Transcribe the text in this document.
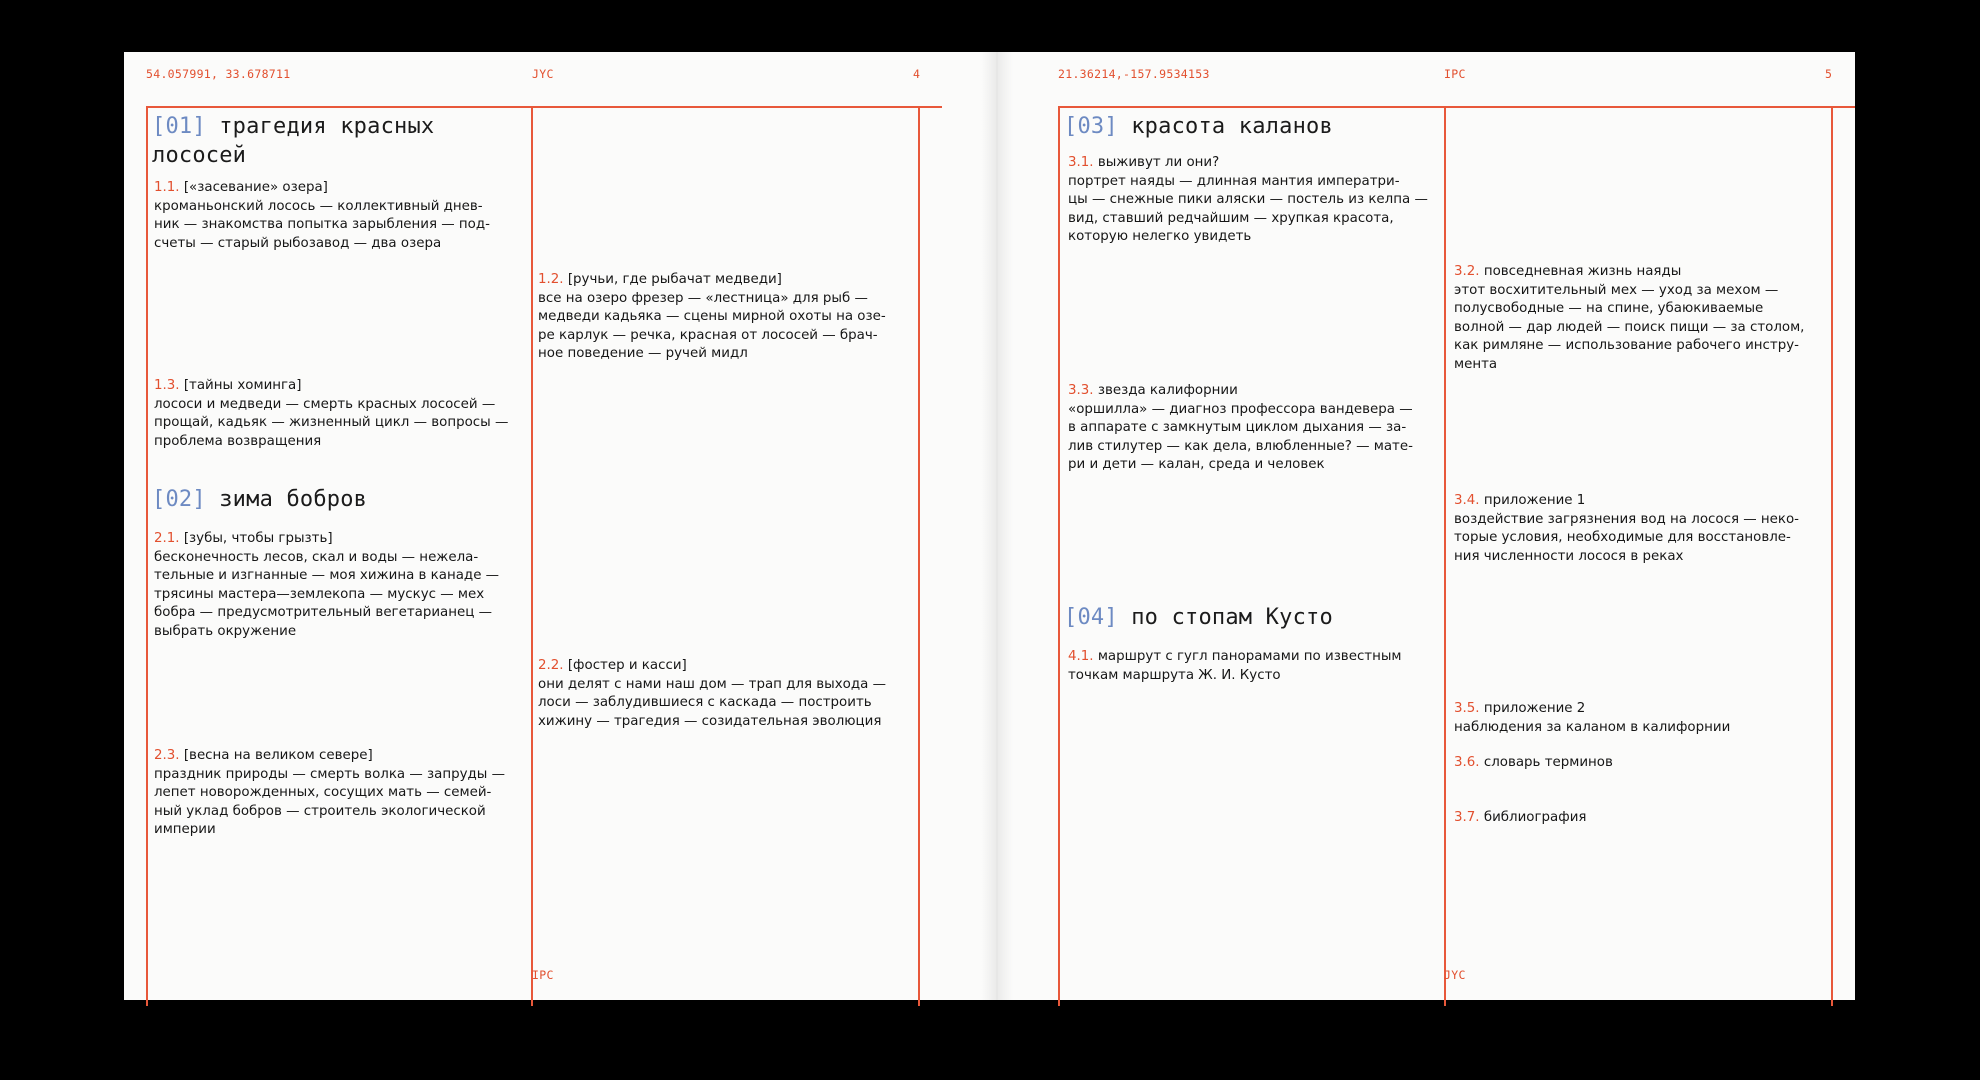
54.057991, 33.678711	JYC	4
IPC
21.36214,-157.9534153	IPC	5
JYC
[01] трагедия красных
лососей
1.1. [«засевание» озера]
кроманьонский лосось — коллективный днев-
ник — знакомства попытка зарыбления — под-
счеты — старый рыбозавод — два озера
1.2. [ручьи, где рыбачат медведи]
все на озеро фрезер — «лестница» для рыб —
медведи кадьяка — сцены мирной охоты на озе-
ре карлук — речка, красная от лососей — брач-
ное поведение — ручей мидл
1.3. [тайны хоминга]
лососи и медведи — смерть красных лососей —
прощай, кадьяк — жизненный цикл — вопросы —
проблема возвращения
[02] зима бобров
2.1. [зубы, чтобы грызть]
бесконечность лесов, скал и воды — нежела-
тельные и изгнанные — моя хижина в канаде —
трясины мастера—землекопа — мускус — мех
бобра — предусмотрительный вегетарианец —
выбрать окружение
2.2. [фостер и касси]
они делят с нами наш дом — трап для выхода —
лоси — заблудившиеся с каскада — построить
хижину — трагедия — созидательная эволюция
2.3. [весна на великом севере]
праздник природы — смерть волка — запруды —
лепет новорожденных, сосущих мать — семей-
ный уклад бобров — строитель экологической
империи
[03] красота каланов
3.1. выживут ли они?
портрет наяды — длинная мантия императри-
цы — снежные пики аляски — постель из келпа —
вид, ставший редчайшим — хрупкая красота,
которую нелегко увидеть
3.2. повседневная жизнь наяды
этот восхитительный мех — уход за мехом —
полусвободные — на спине, убаюкиваемые
волной — дар людей — поиск пищи — за столом,
как римляне — использование рабочего инстру-
мента
3.3. звезда калифорнии
«оршилла» — диагноз профессора вандевера —
в аппарате с замкнутым циклом дыхания — за-
лив стилутер — как дела, влюбленные? — мате-
ри и дети — калан, среда и человек
3.4. приложение 1
воздействие загрязнения вод на лосося — неко-
торые условия, необходимые для восстановле-
ния численности лосося в реках
[04] по стопам Кусто
4.1. маршрут с гугл панорамами по известным
точкам маршрута Ж. И. Кусто
3.5. приложение 2
наблюдения за каланом в калифорнии
3.6. словарь терминов
3.7. библиография
